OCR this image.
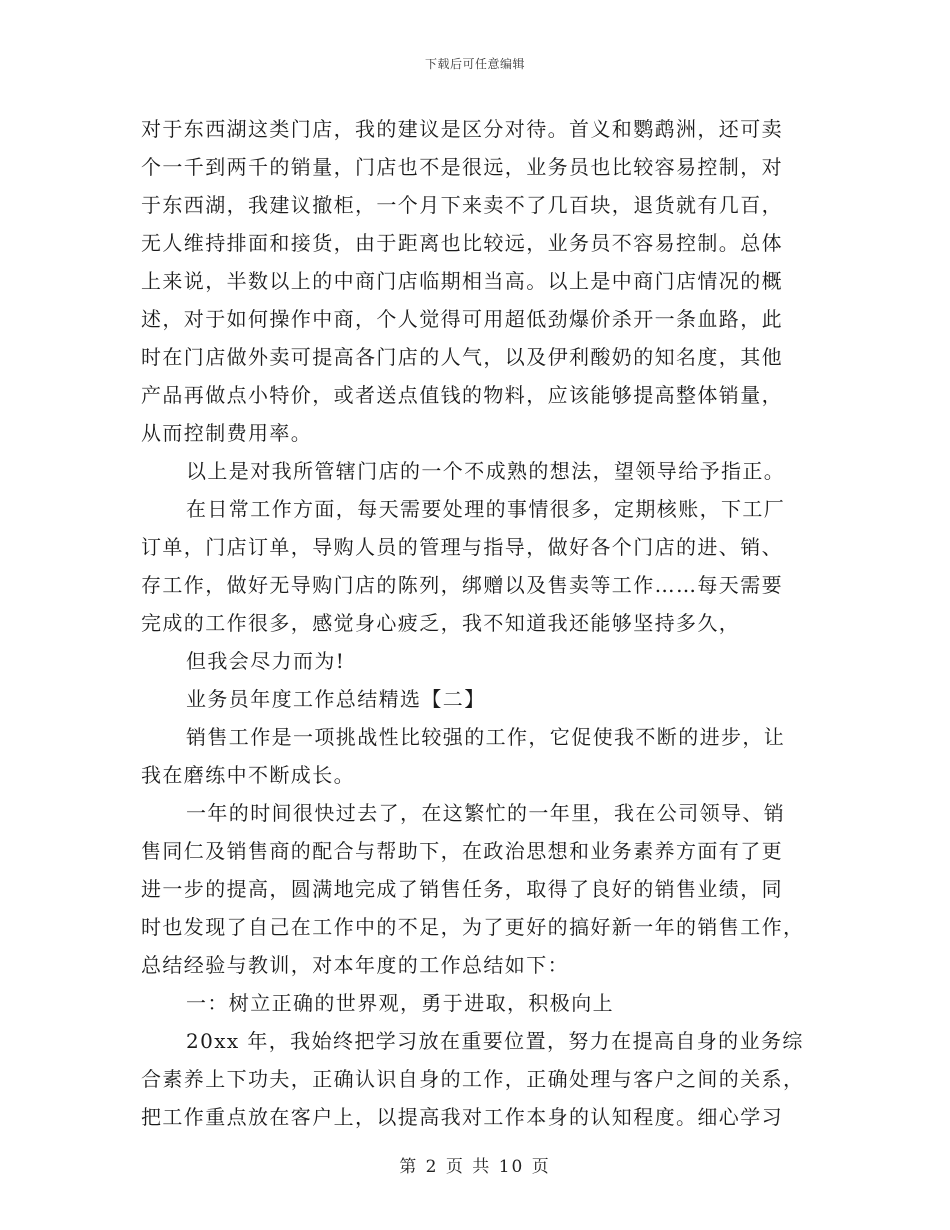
下载后可任意编辑
对于东西湖这类门店，我的建议是区分对待。首义和鹦鹉洲，还可卖
个一千到两千的销量，门店也不是很远，业务员也比较容易控制，对
于东西湖，我建议撤柜，一个月下来卖不了几百块，退货就有几百，
无人维持排面和接货，由于距离也比较远，业务员不容易控制。总体
上来说，半数以上的中商门店临期相当高。以上是中商门店情况的概
述，对于如何操作中商，个人觉得可用超低劲爆价杀开一条血路，此
时在门店做外卖可提高各门店的人气，以及伊利酸奶的知名度，其他
产品再做点小特价，或者送点值钱的物料，应该能够提高整体销量，
从而控制费用率。
以上是对我所管辖门店的一个不成熟的想法，望领导给予指正。
在日常工作方面，每天需要处理的事情很多，定期核账，下工厂
订单，门店订单，导购人员的管理与指导，做好各个门店的进、销、
存工作，做好无导购门店的陈列，绑赠以及售卖等工作……每天需要
完成的工作很多，感觉身心疲乏，我不知道我还能够坚持多久，
但我会尽力而为!
业务员年度工作总结精选【二】
销售工作是一项挑战性比较强的工作，它促使我不断的进步，让
我在磨练中不断成长。
一年的时间很快过去了，在这繁忙的一年里，我在公司领导、销
售同仁及销售商的配合与帮助下，在政治思想和业务素养方面有了更
进一步的提高，圆满地完成了销售任务，取得了良好的销售业绩，同
时也发现了自己在工作中的不足，为了更好的搞好新一年的销售工作，
总结经验与教训，对本年度的工作总结如下：
一：树立正确的世界观，勇于进取，积极向上
20xx 年，我始终把学习放在重要位置，努力在提高自身的业务综
合素养上下功夫，正确认识自身的工作，正确处理与客户之间的关系，
把工作重点放在客户上，以提高我对工作本身的认知程度。细心学习
第 2 页 共 10 页
